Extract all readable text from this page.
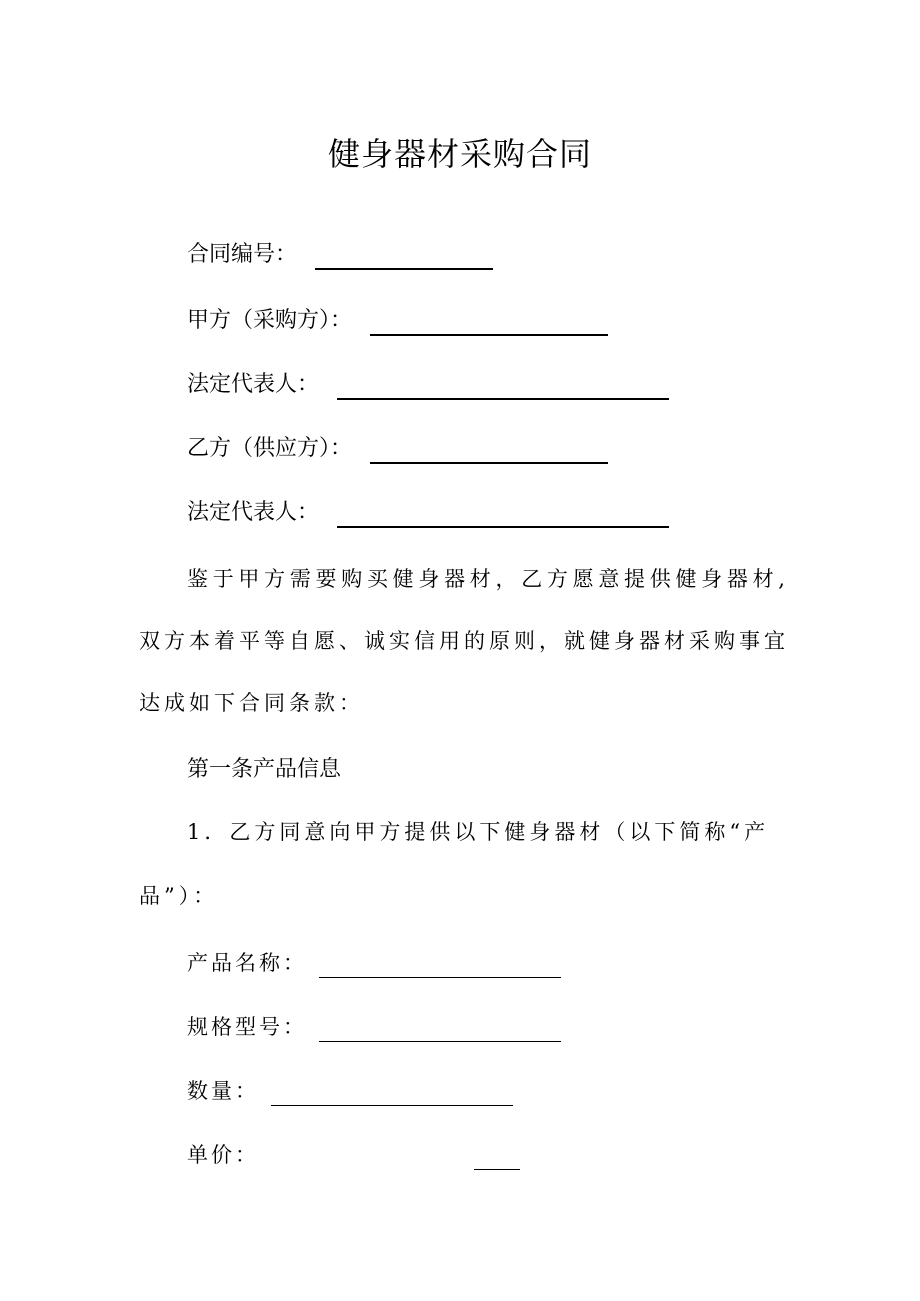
健身器材采购合同
合同编号：
甲方（采购方）：
法定代表人：
乙方（供应方）：
法定代表人：

鉴于甲方需要购买健身器材，乙方愿意提供健身器材,双方本着平等自愿、诚实信用的原则，就健身器材采购事宜达成如下合同条款：

第一条产品信息
1．乙方同意向甲方提供以下健身器材（以下简称“产
品”）：
产品名称：
规格型号：
数量：
单价：
